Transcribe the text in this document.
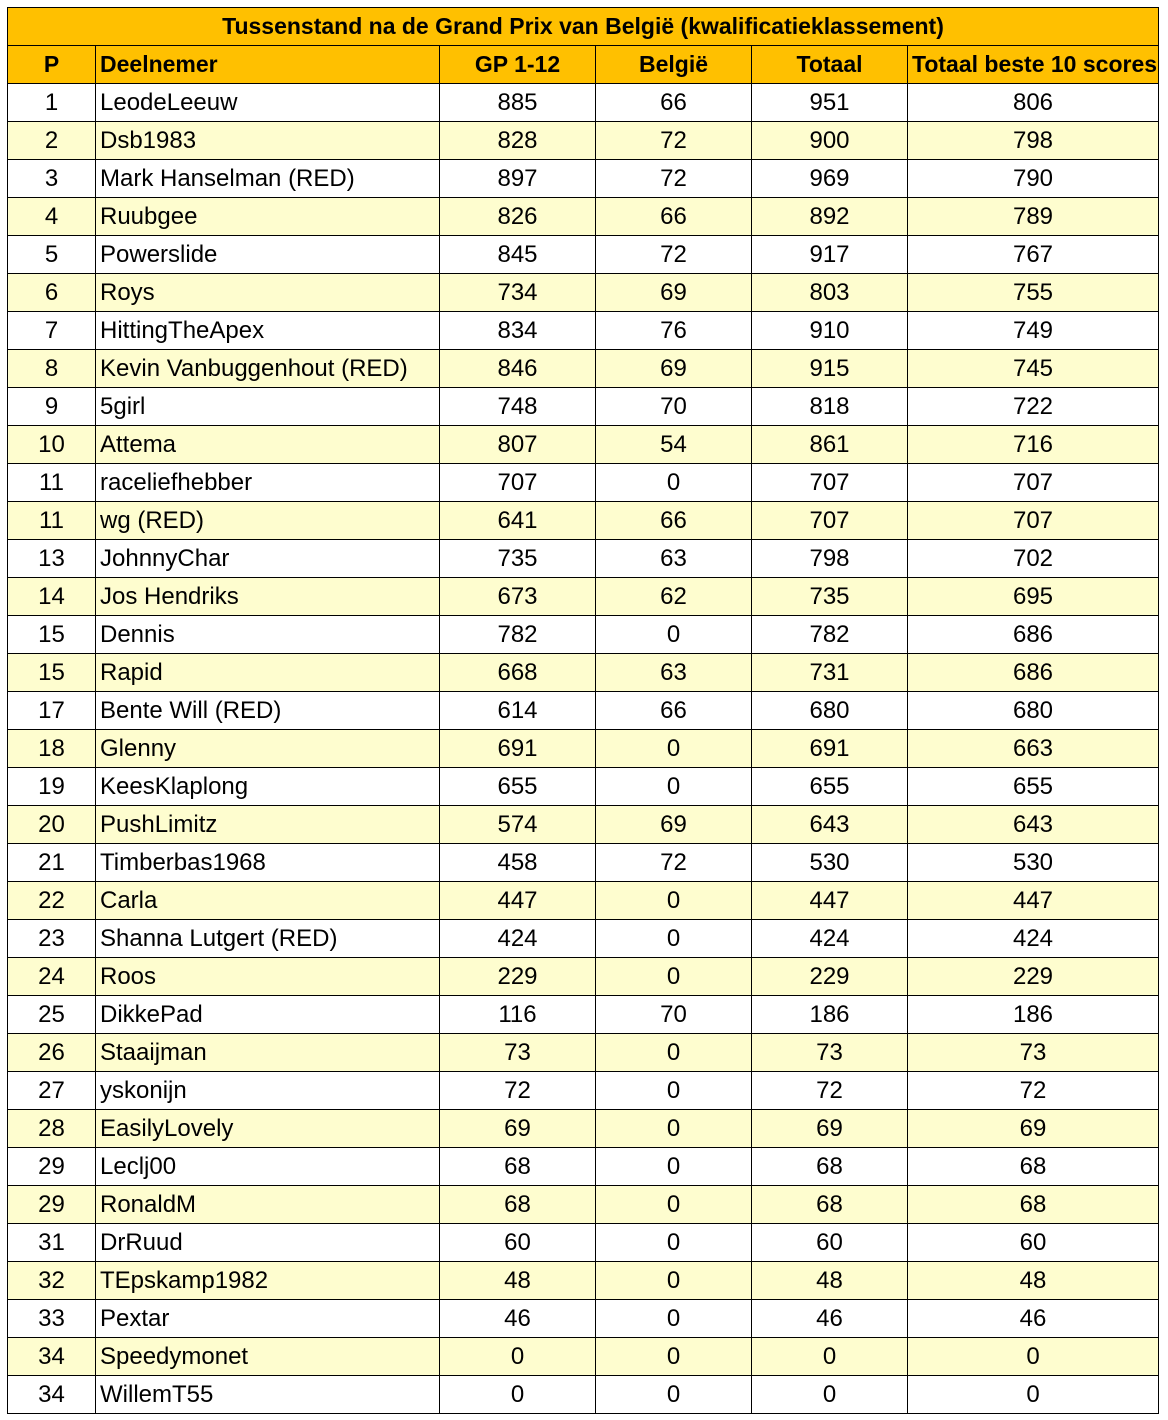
Tussenstand na de Grand Prix van België (kwalificatieklassement)					
P	Deelnemer	GP 1-12	België	Totaal	Totaal beste 10 scores
1	LeodeLeeuw	885	66	951	806
2	Dsb1983	828	72	900	798
3	Mark Hanselman (RED)	897	72	969	790
4	Ruubgee	826	66	892	789
5	Powerslide	845	72	917	767
6	Roys	734	69	803	755
7	HittingTheApex	834	76	910	749
8	Kevin Vanbuggenhout (RED)	846	69	915	745
9	5girl	748	70	818	722
10	Attema	807	54	861	716
11	raceliefhebber	707	0	707	707
11	wg (RED)	641	66	707	707
13	JohnnyChar	735	63	798	702
14	Jos Hendriks	673	62	735	695
15	Dennis	782	0	782	686
15	Rapid	668	63	731	686
17	Bente Will (RED)	614	66	680	680
18	Glenny	691	0	691	663
19	KeesKlaplong	655	0	655	655
20	PushLimitz	574	69	643	643
21	Timberbas1968	458	72	530	530
22	Carla	447	0	447	447
23	Shanna Lutgert (RED)	424	0	424	424
24	Roos	229	0	229	229
25	DikkePad	116	70	186	186
26	Staaijman	73	0	73	73
27	yskonijn	72	0	72	72
28	EasilyLovely	69	0	69	69
29	Leclj00	68	0	68	68
29	RonaldM	68	0	68	68
31	DrRuud	60	0	60	60
32	TEpskamp1982	48	0	48	48
33	Pextar	46	0	46	46
34	Speedymonet	0	0	0	0
34	WillemT55	0	0	0	0
